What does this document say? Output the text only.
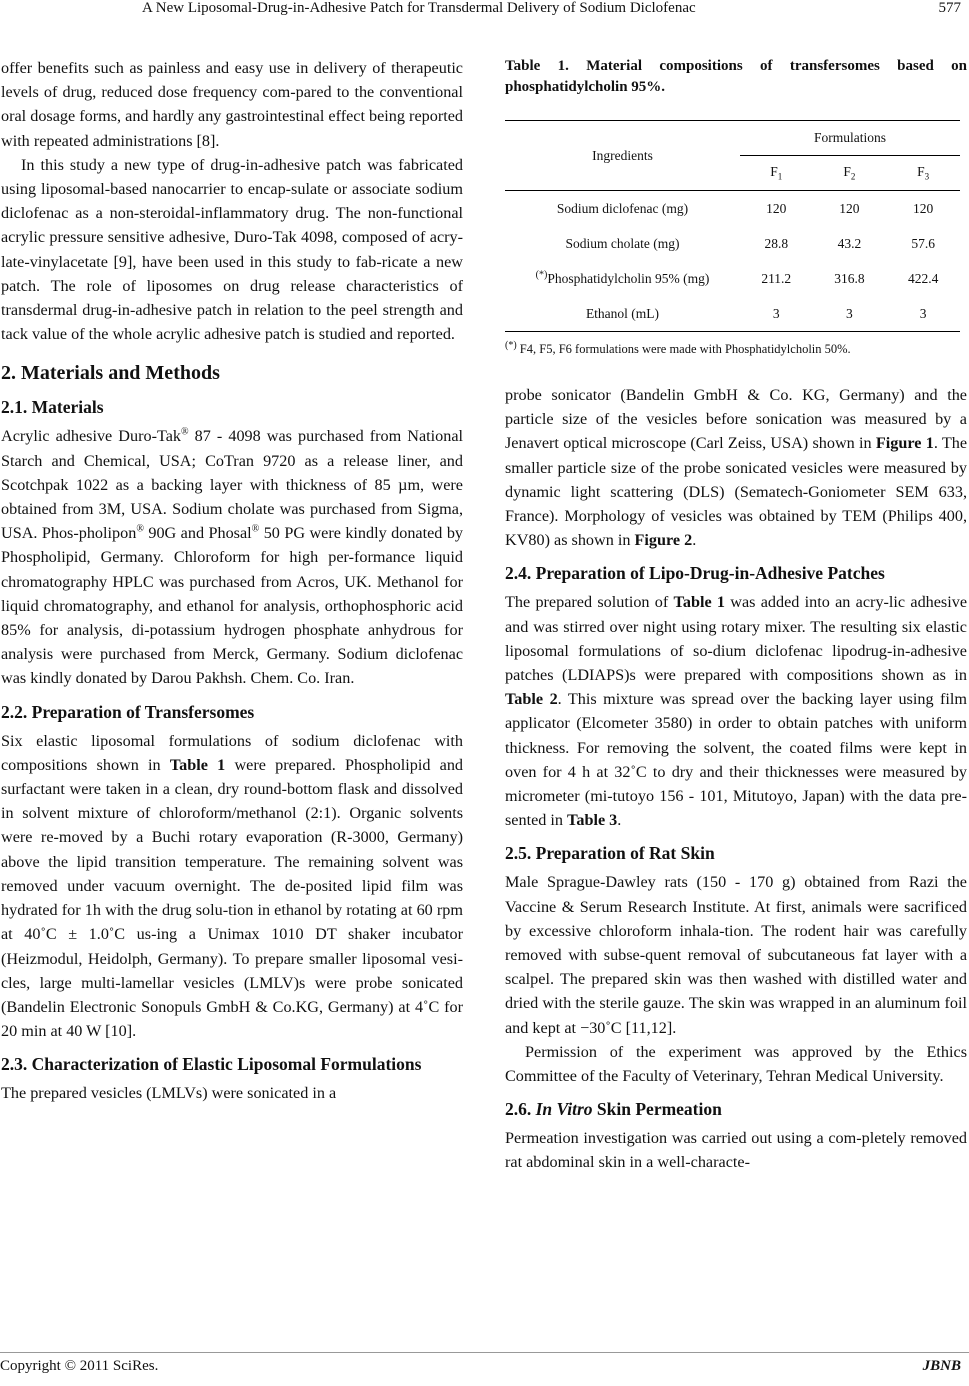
A New Liposomal-Drug-in-Adhesive Patch for Transdermal Delivery of Sodium Diclofenac	577

offer benefits such as painless and easy use in delivery of therapeutic levels of drug, reduced dose frequency com-pared to the conventional oral dosage forms, and hardly any gastrointestinal effect being reported with repeated administrations [8].

In this study a new type of drug-in-adhesive patch was fabricated using liposomal-based nanocarrier to encap-sulate or associate sodium diclofenac as a non-steroidal-inflammatory drug. The non-functional acrylic pressure sensitive adhesive, Duro-Tak 4098, composed of acry-late-vinylacetate [9], have been used in this study to fab-ricate a new patch. The role of liposomes on drug release characteristics of transdermal drug-in-adhesive patch in relation to the peel strength and tack value of the whole acrylic adhesive patch is studied and reported.

2. Materials and Methods
2.1. Materials

Acrylic adhesive Duro-Tak® 87 - 4098 was purchased from National Starch and Chemical, USA; CoTran 9720 as a release liner, and Scotchpak 1022 as a backing layer with thickness of 85 µm, were obtained from 3M, USA. Sodium cholate was purchased from Sigma, USA. Phos-pholipon® 90G and Phosal® 50 PG were kindly donated by Phospholipid, Germany. Chloroform for high per-formance liquid chromatography HPLC was purchased from Acros, UK. Methanol for liquid chromatography, and ethanol for analysis, orthophosphoric acid 85% for analysis, di-potassium hydrogen phosphate anhydrous for analysis were purchased from Merck, Germany. Sodium diclofenac was kindly donated by Darou Pakhsh. Chem. Co. Iran.

2.2. Preparation of Transfersomes

Six elastic liposomal formulations of sodium diclofenac with compositions shown in Table 1 were prepared. Phospholipid and surfactant were taken in a clean, dry round-bottom flask and dissolved in solvent mixture of chloroform/methanol (2:1). Organic solvents were re-moved by a Buchi rotary evaporation (R-3000, Germany) above the lipid transition temperature. The remaining solvent was removed under vacuum overnight. The de-posited lipid film was hydrated for 1h with the drug solu-tion in ethanol by rotating at 60 rpm at 40˚C ± 1.0˚C us-ing a Unimax 1010 DT shaker incubator (Heizmodul, Heidolph, Germany). To prepare smaller liposomal vesi-cles, large multi-lamellar vesicles (LMLV)s were probe sonicated (Bandelin Electronic Sonopuls GmbH & Co.KG, Germany) at 4˚C for 20 min at 40 W [10].

2.3. Characterization of Elastic Liposomal Formulations

The prepared vesicles (LMLVs) were sonicated in a

Table 1. Material compositions of transfersomes based on phosphatidylcholin 95%.

Ingredients	Formulations		
	$F_1$	$F_2$	$F_3$
Sodium diclofenac (mg)	120	120	120
Sodium cholate (mg)	28.8	43.2	57.6
(*)Phosphatidylcholin 95% (mg)	211.2	316.8	422.4
Ethanol (mL)	3	3	3

(*) F4, F5, F6 formulations were made with Phosphatidylcholin 50%.

probe sonicator (Bandelin GmbH & Co. KG, Germany) and the particle size of the vesicles before sonication was measured by a Jenavert optical microscope (Carl Zeiss, USA) shown in Figure 1. The smaller particle size of the probe sonicated vesicles were measured by dynamic light scattering (DLS) (Sematech-Goniometer SEM 633, France). Morphology of vesicles was obtained by TEM (Philips 400, KV80) as shown in Figure 2.

2.4. Preparation of Lipo-Drug-in-Adhesive Patches

The prepared solution of Table 1 was added into an acry-lic adhesive and was stirred over night using rotary mixer. The resulting six elastic liposomal formulations of so-dium diclofenac lipodrug-in-adhesive patches (LDIAPS)s were prepared with compositions shown as in Table 2. This mixture was spread over the backing layer using film applicator (Elcometer 3580) in order to obtain patches with uniform thickness. For removing the solvent, the coated films were kept in oven for 4 h at 32˚C to dry and their thicknesses were measured by micrometer (mi-tutoyo 156 - 101, Mitutoyo, Japan) with the data pre-sented in Table 3.

2.5. Preparation of Rat Skin

Male Sprague-Dawley rats (150 - 170 g) obtained from Razi the Vaccine & Serum Research Institute. At first, animals were sacrificed by excessive chloroform inhala-tion. The rodent hair was carefully removed with subse-quent removal of subcutaneous fat layer with a scalpel. The prepared skin was then washed with distilled water and dried with the sterile gauze. The skin was wrapped in an aluminum foil and kept at −30˚C [11,12].

Permission of the experiment was approved by the Ethics Committee of the Faculty of Veterinary, Tehran Medical University.

2.6. In Vitro Skin Permeation

Permeation investigation was carried out using a com-pletely removed rat abdominal skin in a well-characte-

Copyright © 2011 SciRes.	JBNB
